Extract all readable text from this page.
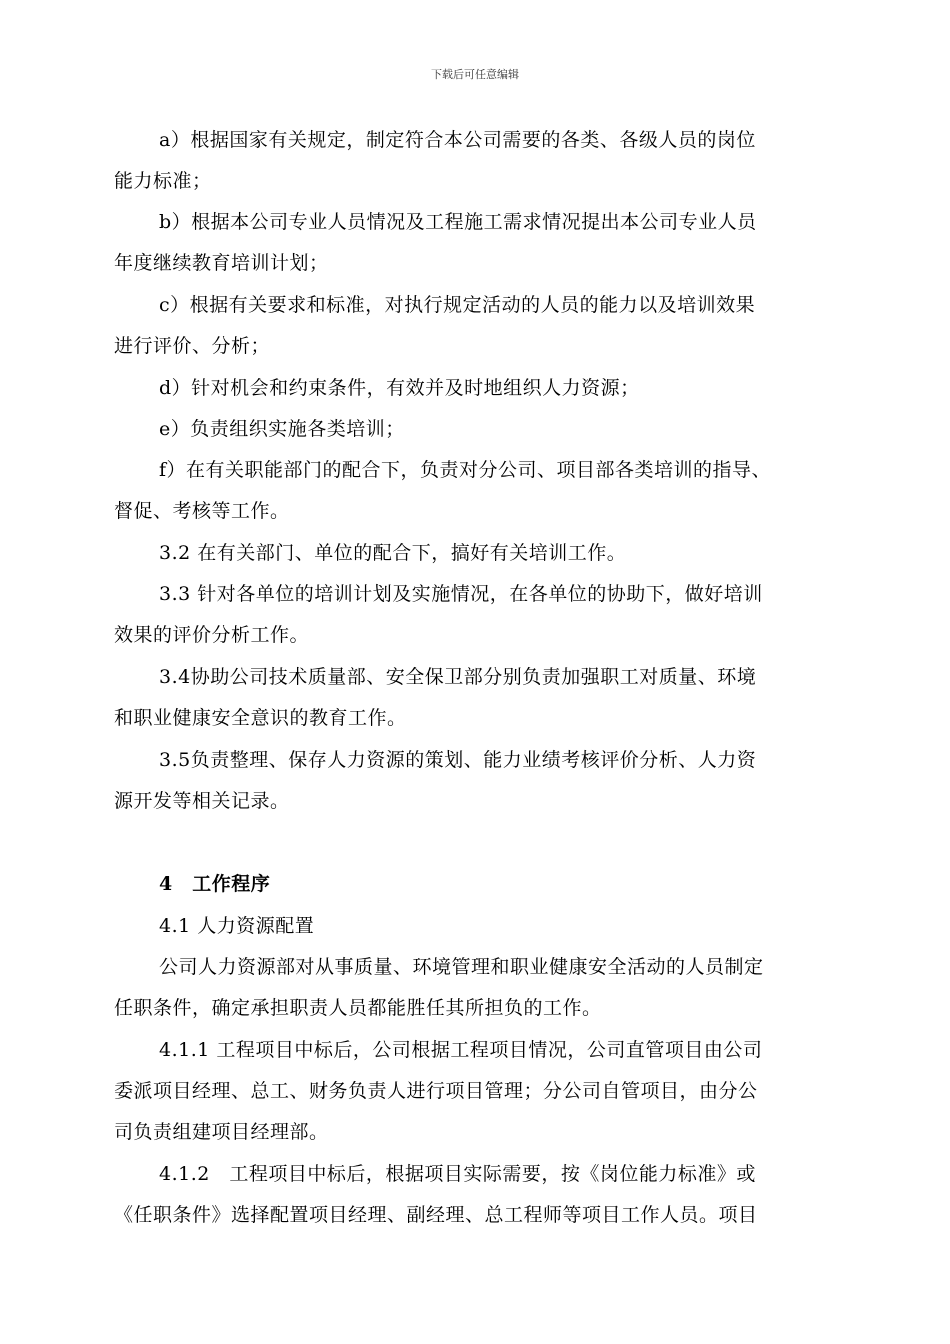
下载后可任意编辑
a）根据国家有关规定，制定符合本公司需要的各类、各级人员的岗位
能力标准；
b）根据本公司专业人员情况及工程施工需求情况提出本公司专业人员
年度继续教育培训计划；
c）根据有关要求和标准，对执行规定活动的人员的能力以及培训效果
进行评价、分析；
d）针对机会和约束条件，有效并及时地组织人力资源；
e）负责组织实施各类培训；
f）在有关职能部门的配合下，负责对分公司、项目部各类培训的指导、
督促、考核等工作。
3.2 在有关部门、单位的配合下，搞好有关培训工作。
3.3 针对各单位的培训计划及实施情况，在各单位的协助下，做好培训
效果的评价分析工作。
3.4协助公司技术质量部、安全保卫部分别负责加强职工对质量、环境
和职业健康安全意识的教育工作。
3.5负责整理、保存人力资源的策划、能力业绩考核评价分析、人力资
源开发等相关记录。
4　工作程序
4.1 人力资源配置
公司人力资源部对从事质量、环境管理和职业健康安全活动的人员制定
任职条件，确定承担职责人员都能胜任其所担负的工作。
4.1.1 工程项目中标后，公司根据工程项目情况，公司直管项目由公司
委派项目经理、总工、财务负责人进行项目管理；分公司自管项目，由分公
司负责组建项目经理部。
4.1.2　工程项目中标后，根据项目实际需要，按《岗位能力标准》或
《任职条件》选择配置项目经理、副经理、总工程师等项目工作人员。项目
